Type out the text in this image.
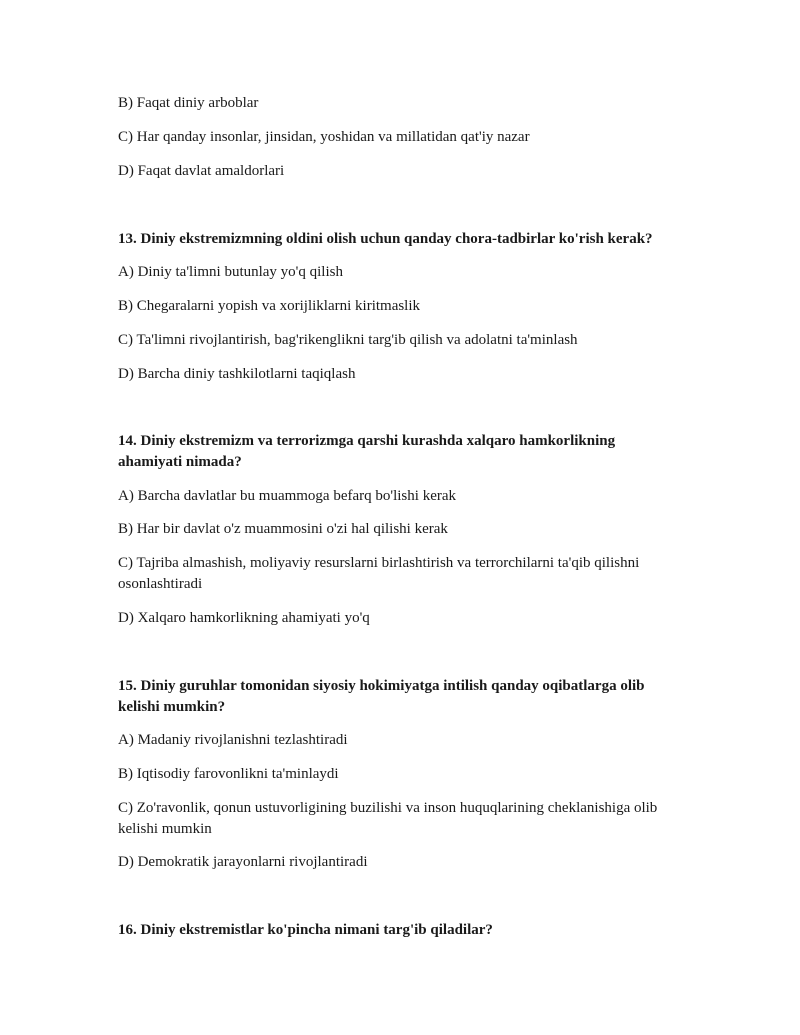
B) Faqat diniy arboblar
C) Har qanday insonlar, jinsidan, yoshidan va millatidan qat'iy nazar
D) Faqat davlat amaldorlari
13. Diniy ekstremizmning oldini olish uchun qanday chora-tadbirlar ko'rish kerak?
A) Diniy ta'limni butunlay yo'q qilish
B) Chegaralarni yopish va xorijliklarni kiritmaslik
C) Ta'limni rivojlantirish, bag'rikenglikni targ'ib qilish va adolatni ta'minlash
D) Barcha diniy tashkilotlarni taqiqlash
14. Diniy ekstremizm va terrorizmga qarshi kurashda xalqaro hamkorlikning
ahamiyati nimada?
A) Barcha davlatlar bu muammoga befarq bo'lishi kerak
B) Har bir davlat o'z muammosini o'zi hal qilishi kerak
C) Tajriba almashish, moliyaviy resurslarni birlashtirish va terrorchilarni ta'qib qilishni
osonlashtiradi
D) Xalqaro hamkorlikning ahamiyati yo'q
15. Diniy guruhlar tomonidan siyosiy hokimiyatga intilish qanday oqibatlarga olib
kelishi mumkin?
A) Madaniy rivojlanishni tezlashtiradi
B) Iqtisodiy farovonlikni ta'minlaydi
C) Zo'ravonlik, qonun ustuvorligining buzilishi va inson huquqlarining cheklanishiga olib
kelishi mumkin
D) Demokratik jarayonlarni rivojlantiradi
16. Diniy ekstremistlar ko'pincha nimani targ'ib qiladilar?
